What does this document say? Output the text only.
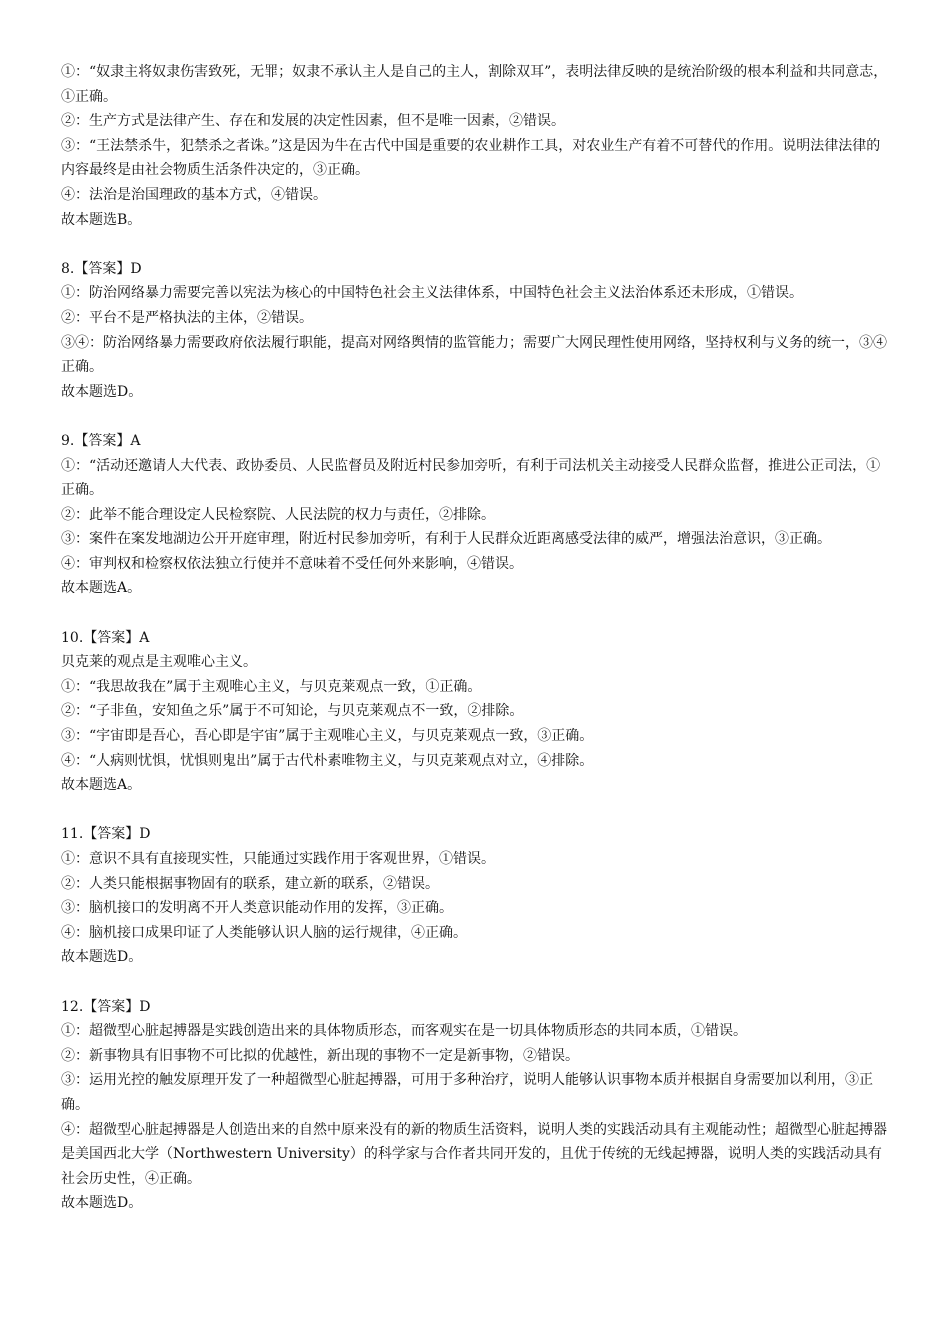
①：“奴隶主将奴隶伤害致死，无罪；奴隶不承认主人是自己的主人，割除双耳”，表明法律反映的是统治阶级的根本利益和共同意志，①正确。

②：生产方式是法律产生、存在和发展的决定性因素，但不是唯一因素，②错误。

③：“王法禁杀牛，犯禁杀之者诛。”这是因为牛在古代中国是重要的农业耕作工具，对农业生产有着不可替代的作用。说明法律法律的内容最终是由社会物质生活条件决定的，③正确。

④：法治是治国理政的基本方式，④错误。

故本题选B。

8.【答案】D

①：防治网络暴力需要完善以宪法为核心的中国特色社会主义法律体系，中国特色社会主义法治体系还未形成，①错误。

②：平台不是严格执法的主体，②错误。

③④：防治网络暴力需要政府依法履行职能，提高对网络舆情的监管能力；需要广大网民理性使用网络，坚持权利与义务的统一，③④正确。

故本题选D。

9.【答案】A

①：“活动还邀请人大代表、政协委员、人民监督员及附近村民参加旁听，有利于司法机关主动接受人民群众监督，推进公正司法，①正确。

②：此举不能合理设定人民检察院、人民法院的权力与责任，②排除。

③：案件在案发地湖边公开开庭审理，附近村民参加旁听，有利于人民群众近距离感受法律的威严，增强法治意识，③正确。

④：审判权和检察权依法独立行使并不意味着不受任何外来影响，④错误。

故本题选A。

10.【答案】A

贝克莱的观点是主观唯心主义。

①：“我思故我在”属于主观唯心主义，与贝克莱观点一致，①正确。

②：“子非鱼，安知鱼之乐”属于不可知论，与贝克莱观点不一致，②排除。

③：“宇宙即是吾心，吾心即是宇宙”属于主观唯心主义，与贝克莱观点一致，③正确。

④：“人病则忧惧，忧惧则鬼出”属于古代朴素唯物主义，与贝克莱观点对立，④排除。

故本题选A。

11.【答案】D

①：意识不具有直接现实性，只能通过实践作用于客观世界，①错误。

②：人类只能根据事物固有的联系，建立新的联系，②错误。

③：脑机接口的发明离不开人类意识能动作用的发挥，③正确。

④：脑机接口成果印证了人类能够认识人脑的运行规律，④正确。

故本题选D。

12.【答案】D

①：超微型心脏起搏器是实践创造出来的具体物质形态，而客观实在是一切具体物质形态的共同本质，①错误。

②：新事物具有旧事物不可比拟的优越性，新出现的事物不一定是新事物，②错误。

③：运用光控的触发原理开发了一种超微型心脏起搏器，可用于多种治疗，说明人能够认识事物本质并根据自身需要加以利用，③正确。

④：超微型心脏起搏器是人创造出来的自然中原来没有的新的物质生活资料，说明人类的实践活动具有主观能动性；超微型心脏起搏器是美国西北大学（Northwestern University）的科学家与合作者共同开发的，且优于传统的无线起搏器，说明人类的实践活动具有社会历史性，④正确。

故本题选D。
